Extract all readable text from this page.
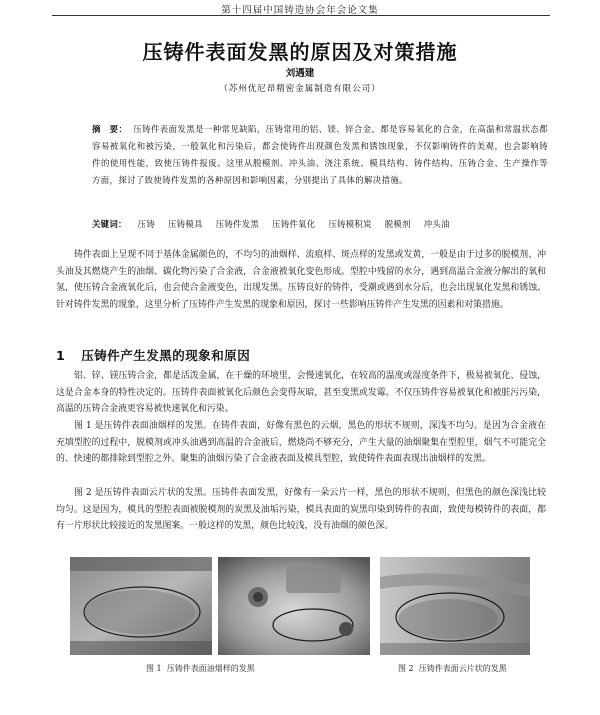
第十四届中国铸造协会年会论文集
压铸件表面发黑的原因及对策措施
刘遇建
（苏州优尼昂精密金属制造有限公司）
摘　要： 压铸件表面发黑是一种常见缺陷，压铸常用的铝、镁、锌合金，都是容易氧化的合金，在高温和常温状态都容易被氧化和被污染，一般氧化和污染后，都会使铸件出现颜色发黑和锈蚀现象，不仅影响铸件的美观，也会影响铸件的使用性能，致使压铸件报废。这里从脱模剂、冲头油、浇注系统、模具结构、铸件结构、压铸合金、生产操作等方面，探讨了致使铸件发黑的各种原因和影响因素，分别提出了具体的解决措施。
关键词： 压铸 压铸模具 压铸件发黑 压铸件氧化 压铸模积炭 脱模剂 冲头油
铸件表面上呈现不同于基体金属颜色的，不均匀的油烟样、流痕样、斑点样的发黑或发黄，一般是由于过多的脱模剂、冲头油及其燃烧产生的油烟、碳化物污染了合金液，合金液被氧化变色形成。型腔中残留的水分，遇到高温合金液分解出的氧和氢，使压铸合金液氧化后，也会使合金液变色，出现发黑。压铸良好的铸件，受潮或遇到水分后，也会出现氧化发黑和锈蚀。针对铸件发黑的现象，这里分析了压铸件产生发黑的现象和原因，探讨一些影响压铸件产生发黑的因素和对策措施。
1 压铸件产生发黑的现象和原因
铝、锌、镁压铸合金，都是活泼金属，在干燥的环境里，会慢速氧化，在较高的温度或湿度条件下，极易被氧化、侵蚀，这是合金本身的特性决定的。压铸件表面被氧化后颜色会变得灰暗，甚至变黑或发霉。不仅压铸件容易被氧化和被脏污污染，高温的压铸合金液更容易被快速氧化和污染。
图 1 是压铸件表面油烟样的发黑。在铸件表面，好像有黑色的云烟，黑色的形状不规则，深浅不均匀。是因为合金液在充填型腔的过程中，脱模剂或冲头油遇到高温的合金液后，燃烧尚不够充分，产生大量的油烟聚集在型腔里，烟气不可能完全的、快速的都排除到型腔之外。聚集的油烟污染了合金液表面及模具型腔，致使铸件表面表现出油烟样的发黑。
图 2 是压铸件表面云片状的发黑。压铸件表面发黑，好像有一朵云片一样，黑色的形状不规则，但黑色的颜色深浅比较均匀。这是因为，模具的型腔表面被脱模剂的炭黑及油垢污染，模具表面的炭黑印染到铸件的表面，致使每模铸件的表面，都有一片形状比较接近的发黑图案。一般这样的发黑，颜色比较浅，没有油烟的颜色深。
图 1 压铸件表面油烟样的发黑	图 2 压铸件表面云片状的发黑
